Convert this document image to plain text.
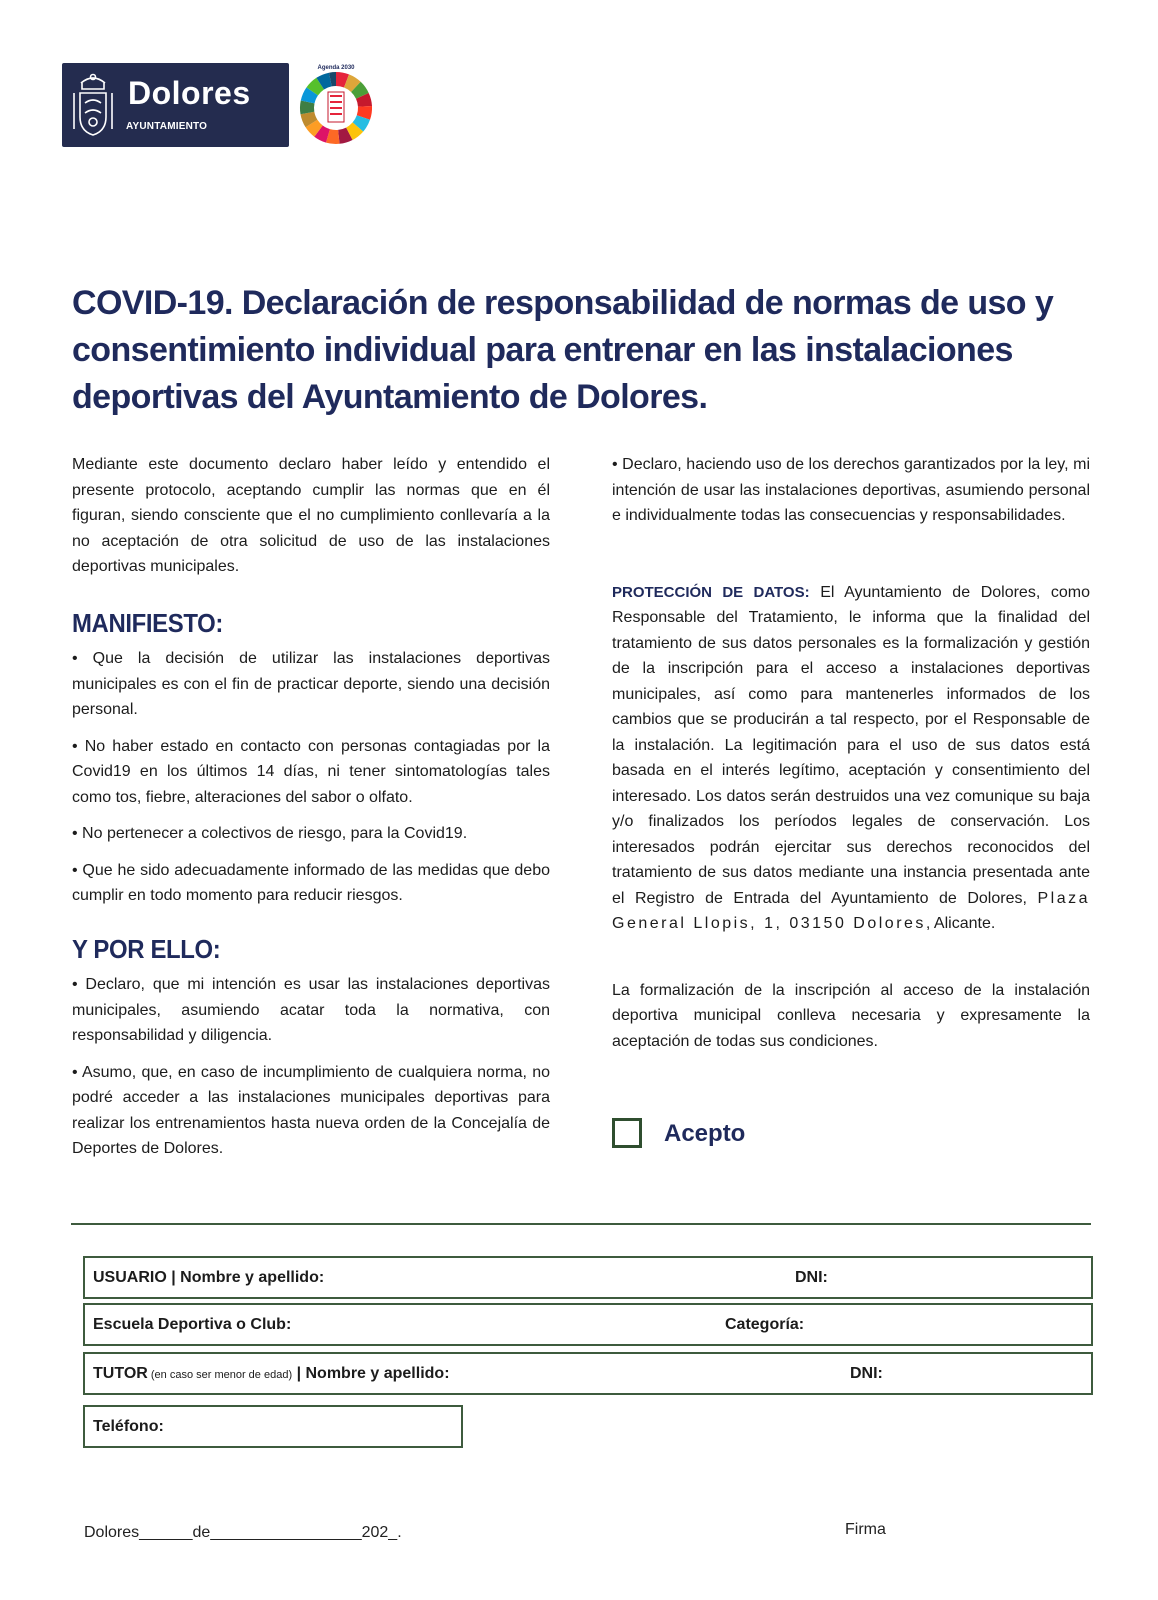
Dolores
AYUNTAMIENTO
Agenda 2030
COVID-19. Declaración de responsabilidad de normas de uso y consentimiento individual para entrenar en las instalaciones deportivas del Ayuntamiento de Dolores.

Mediante este documento declaro haber leído y entendido el presente protocolo, aceptando cumplir las normas que en él figuran, siendo consciente que el no cumplimiento conllevaría a la no aceptación de otra solicitud de uso de las instalaciones deportivas municipales.

MANIFIESTO:

• Que la decisión de utilizar las instalaciones deportivas municipales es con el fin de practicar deporte, siendo una decisión personal.

• No haber estado en contacto con personas contagiadas por la Covid19 en los últimos 14 días, ni tener sintomatologías tales como tos, fiebre, alteraciones del sabor o olfato.

• No pertenecer a colectivos de riesgo, para la Covid19.

• Que he sido adecuadamente informado de las medidas que debo cumplir en todo momento para reducir riesgos.

Y POR ELLO:

• Declaro, que mi intención es usar las instalaciones deportivas municipales, asumiendo acatar toda la normativa, con responsabilidad y diligencia.

• Asumo, que, en caso de incumplimiento de cualquiera norma, no podré acceder a las instalaciones municipales deportivas para realizar los entrenamientos hasta nueva orden de la Concejalía de Deportes de Dolores.

• Declaro, haciendo uso de los derechos garantizados por la ley, mi intención de usar las instalaciones deportivas, asumiendo personal e individualmente todas las consecuencias y responsabilidades.

PROTECCIÓN DE DATOS: El Ayuntamiento de Dolores, como Responsable del Tratamiento, le informa que la finalidad del tratamiento de sus datos personales es la formalización y gestión de la inscripción para el acceso a instalaciones deportivas municipales, así como para mantenerles informados de los cambios que se producirán a tal respecto, por el Responsable de la instalación. La legitimación para el uso de sus datos está basada en el interés legítimo, aceptación y consentimiento del interesado. Los datos serán destruidos una vez comunique su baja y/o finalizados los períodos legales de conservación. Los interesados podrán ejercitar sus derechos reconocidos del tratamiento de sus datos mediante una instancia presentada ante el Registro de Entrada del Ayuntamiento de Dolores, Plaza General Llopis, 1, 03150 Dolores, Alicante.

La formalización de la inscripción al acceso de la instalación deportiva municipal conlleva necesaria y expresamente la aceptación de todas sus condiciones.

Acepto
USUARIO | Nombre y apellido:	DNI:
Escuela Deportiva o Club:	Categoría:
TUTOR (en caso ser menor de edad) | Nombre y apellido:	DNI:
Teléfono:
Dolores______de_________________202_.	Firma
